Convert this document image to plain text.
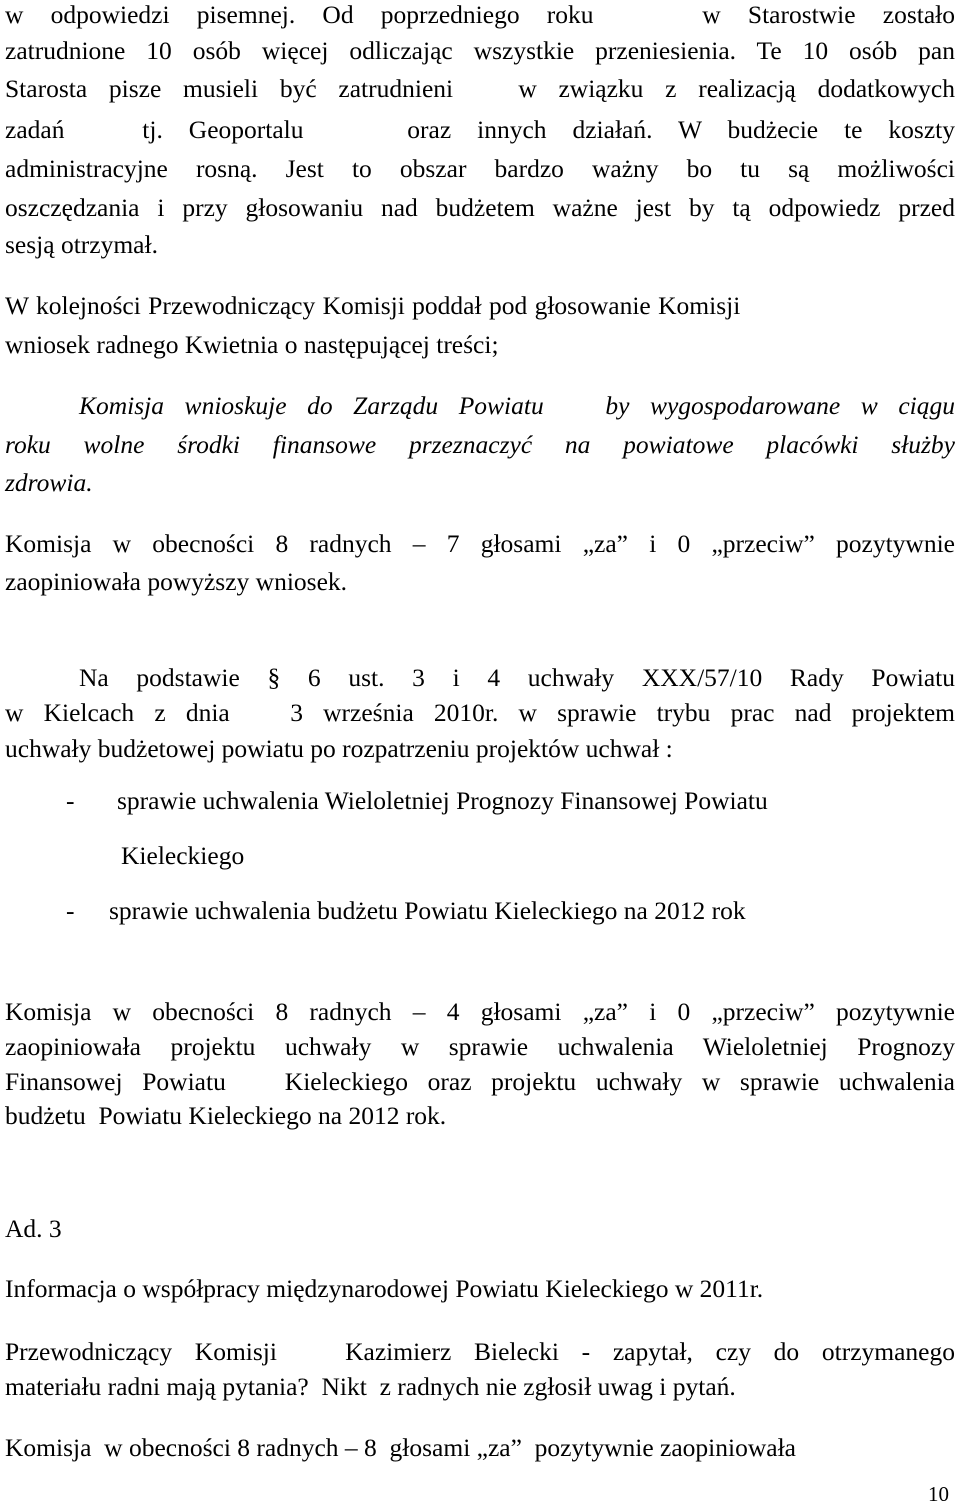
w odpowiedzi pisemnej. Od poprzedniego roku    w Starostwie zostało
zatrudnione 10 osób więcej odliczając wszystkie przeniesienia. Te 10 osób pan
Starosta pisze musieli być zatrudnieni   w związku z realizacją dodatkowych
zadań   tj. Geoportalu    oraz innych działań. W budżecie te koszty
administracyjne rosną. Jest to obszar bardzo ważny bo tu są możliwości
oszczędzania i przy głosowaniu nad budżetem ważne jest by tą odpowiedz przed
sesją otrzymał.
W kolejności Przewodniczący Komisji poddał pod głosowanie Komisji
wniosek radnego Kwietnia o następującej treści;
Komisja wnioskuje do Zarządu Powiatu   by wygospodarowane w ciągu
roku wolne środki finansowe przeznaczyć na powiatowe placówki służby
zdrowia.
Komisja w obecności 8 radnych – 7 głosami „za” i 0 „przeciw” pozytywnie
zaopiniowała powyższy wniosek.
Na podstawie § 6 ust. 3 i 4 uchwały XXX/57/10 Rady Powiatu
w Kielcach z dnia   3 września 2010r. w sprawie trybu prac nad projektem
uchwały budżetowej powiatu po rozpatrzeniu projektów uchwał :
- sprawie uchwalenia Wieloletniej Prognozy Finansowej Powiatu
Kieleckiego
- sprawie uchwalenia budżetu Powiatu Kieleckiego na 2012 rok
Komisja w obecności 8 radnych – 4 głosami „za” i 0 „przeciw” pozytywnie
zaopiniowała projektu uchwały w sprawie uchwalenia Wieloletniej Prognozy
Finansowej Powiatu   Kieleckiego oraz projektu uchwały w sprawie uchwalenia
budżetu  Powiatu Kieleckiego na 2012 rok.
Ad. 3
Informacja o współpracy międzynarodowej Powiatu Kieleckiego w 2011r.
Przewodniczący Komisji   Kazimierz Bielecki - zapytał, czy do otrzymanego
materiału radni mają pytania?  Nikt  z radnych nie zgłosił uwag i pytań.
Komisja  w obecności 8 radnych – 8  głosami „za”  pozytywnie zaopiniowała
10
